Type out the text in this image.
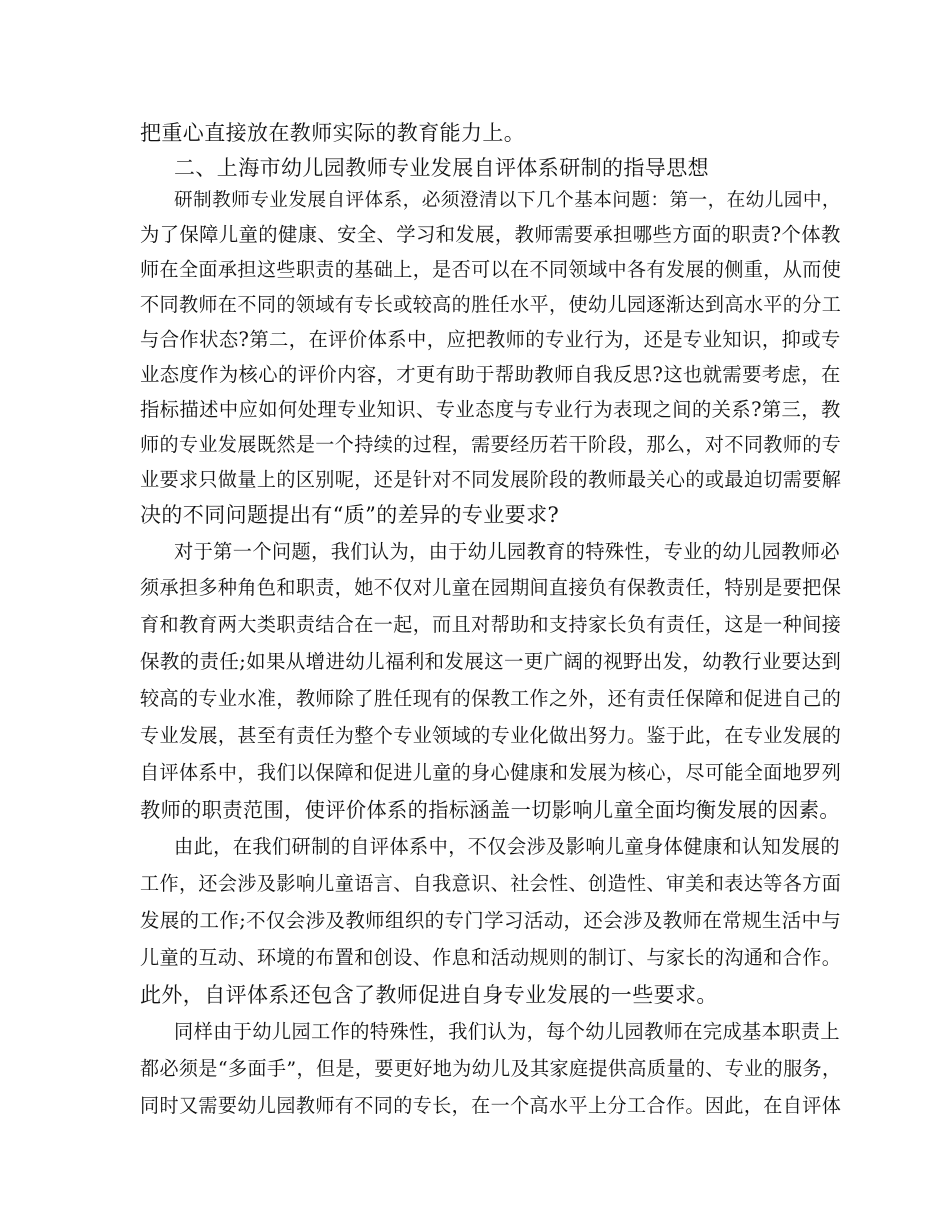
把重心直接放在教师实际的教育能力上。
二、上海市幼儿园教师专业发展自评体系研制的指导思想
研制教师专业发展自评体系，必须澄清以下几个基本问题：第一，在幼儿园中，
为了保障儿童的健康、安全、学习和发展，教师需要承担哪些方面的职责?个体教
师在全面承担这些职责的基础上，是否可以在不同领域中各有发展的侧重，从而使
不同教师在不同的领域有专长或较高的胜任水平，使幼儿园逐渐达到高水平的分工
与合作状态?第二，在评价体系中，应把教师的专业行为，还是专业知识，抑或专
业态度作为核心的评价内容，才更有助于帮助教师自我反思?这也就需要考虑，在
指标描述中应如何处理专业知识、专业态度与专业行为表现之间的关系?第三，教
师的专业发展既然是一个持续的过程，需要经历若干阶段，那么，对不同教师的专
业要求只做量上的区别呢，还是针对不同发展阶段的教师最关心的或最迫切需要解
决的不同问题提出有“质”的差异的专业要求?
对于第一个问题，我们认为，由于幼儿园教育的特殊性，专业的幼儿园教师必
须承担多种角色和职责，她不仅对儿童在园期间直接负有保教责任，特别是要把保
育和教育两大类职责结合在一起，而且对帮助和支持家长负有责任，这是一种间接
保教的责任;如果从增进幼儿福利和发展这一更广阔的视野出发，幼教行业要达到
较高的专业水准，教师除了胜任现有的保教工作之外，还有责任保障和促进自己的
专业发展，甚至有责任为整个专业领域的专业化做出努力。鉴于此，在专业发展的
自评体系中，我们以保障和促进儿童的身心健康和发展为核心，尽可能全面地罗列
教师的职责范围，使评价体系的指标涵盖一切影响儿童全面均衡发展的因素。
由此，在我们研制的自评体系中，不仅会涉及影响儿童身体健康和认知发展的
工作，还会涉及影响儿童语言、自我意识、社会性、创造性、审美和表达等各方面
发展的工作;不仅会涉及教师组织的专门学习活动，还会涉及教师在常规生活中与
儿童的互动、环境的布置和创设、作息和活动规则的制订、与家长的沟通和合作。
此外，自评体系还包含了教师促进自身专业发展的一些要求。
同样由于幼儿园工作的特殊性，我们认为，每个幼儿园教师在完成基本职责上
都必须是“多面手”，但是，要更好地为幼儿及其家庭提供高质量的、专业的服务，
同时又需要幼儿园教师有不同的专长，在一个高水平上分工合作。因此，在自评体
